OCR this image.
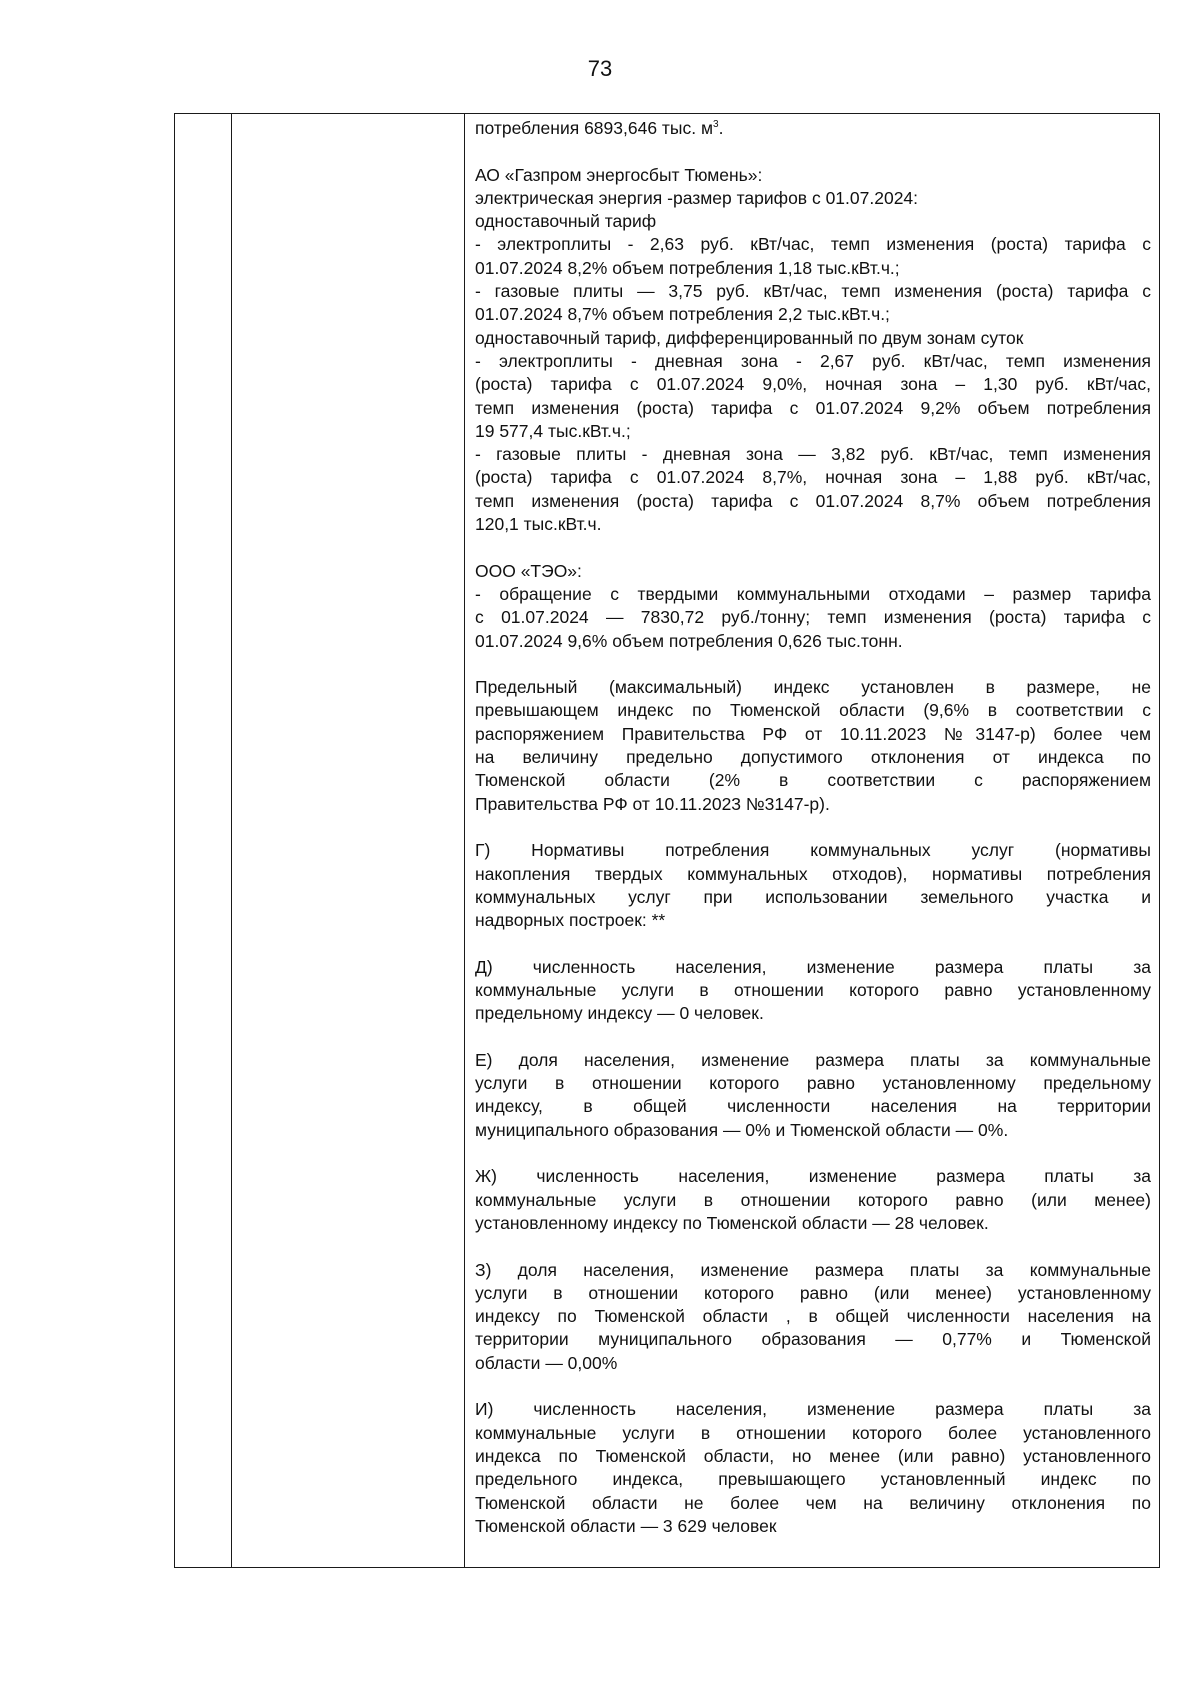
73
потребления 6893,646 тыс. $м^3$.
АО «Газпром энергосбыт Тюмень»:
электрическая энергия -размер тарифов с 01.07.2024:
одноставочный тариф
- электроплиты - 2,63 руб. кВт/час, темп изменения (роста) тарифа с
01.07.2024 8,2% объем потребления 1,18 тыс.кВт.ч.;
- газовые плиты — 3,75 руб. кВт/час, темп изменения (роста) тарифа с
01.07.2024 8,7% объем потребления 2,2 тыс.кВт.ч.;
одноставочный тариф, дифференцированный по двум зонам суток
- электроплиты - дневная зона - 2,67 руб. кВт/час, темп изменения
(роста) тарифа с 01.07.2024 9,0%, ночная зона – 1,30 руб. кВт/час,
темп изменения (роста) тарифа с 01.07.2024 9,2% объем потребления
19 577,4 тыс.кВт.ч.;
- газовые плиты - дневная зона — 3,82 руб. кВт/час, темп изменения
(роста) тарифа с 01.07.2024 8,7%, ночная зона – 1,88 руб. кВт/час,
темп изменения (роста) тарифа с 01.07.2024 8,7% объем потребления
120,1 тыс.кВт.ч.
ООО «ТЭО»:
- обращение с твердыми коммунальными отходами – размер тарифа
с 01.07.2024 — 7830,72 руб./тонну; темп изменения (роста) тарифа с
01.07.2024 9,6% объем потребления 0,626 тыс.тонн.
Предельный (максимальный) индекс установлен в размере, не
превышающем индекс по Тюменской области (9,6% в соответствии с
распоряжением Правительства РФ от 10.11.2023 №3147-р) более чем
на величину предельно допустимого отклонения от индекса по
Тюменской области (2% в соответствии с распоряжением
Правительства РФ от 10.11.2023 №3147-р).
Г) Нормативы потребления коммунальных услуг (нормативы
накопления твердых коммунальных отходов), нормативы потребления
коммунальных услуг при использовании земельного участка и
надворных построек: **
Д) численность населения, изменение размера платы за
коммунальные услуги в отношении которого равно установленному
предельному индексу — 0 человек.
Е) доля населения, изменение размера платы за коммунальные
услуги в отношении которого равно установленному предельному
индексу, в общей численности населения на территории
муниципального образования — 0% и Тюменской области — 0%.
Ж) численность населения, изменение размера платы за
коммунальные услуги в отношении которого равно (или менее)
установленному индексу по Тюменской области — 28 человек.
З) доля населения, изменение размера платы за коммунальные
услуги в отношении которого равно (или менее) установленному
индексу по Тюменской области , в общей численности населения на
территории муниципального образования — 0,77% и Тюменской
области — 0,00%
И) численность населения, изменение размера платы за
коммунальные услуги в отношении которого более установленного
индекса по Тюменской области, но менее (или равно) установленного
предельного индекса, превышающего установленный индекс по
Тюменской области не более чем на величину отклонения по
Тюменской области — 3 629 человек
